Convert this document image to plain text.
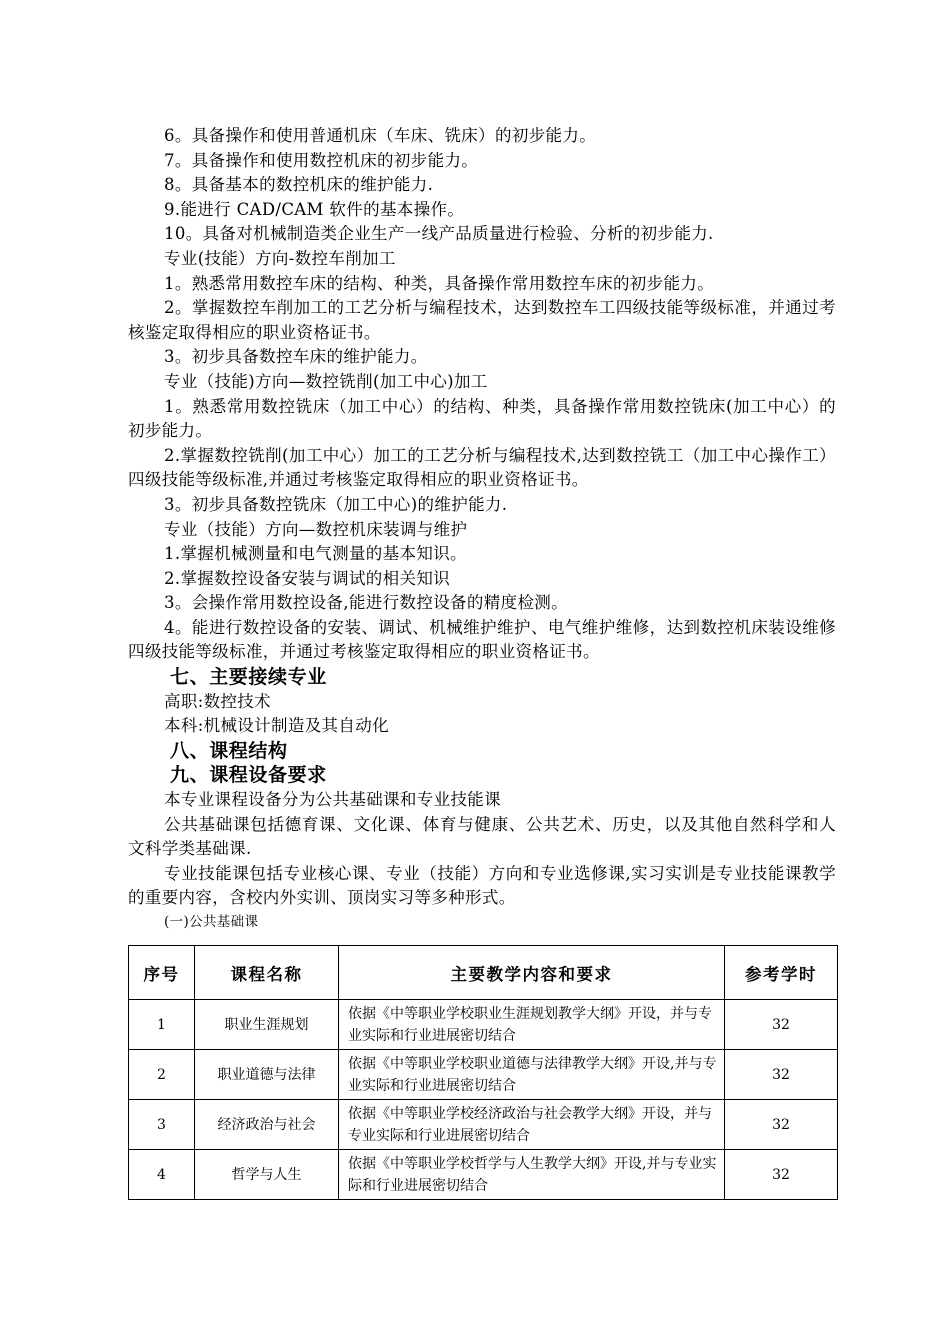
6。具备操作和使用普通机床（车床、铣床）的初步能力。

7。具备操作和使用数控机床的初步能力。

8。具备基本的数控机床的维护能力.

9.能进行 CAD/CAM 软件的基本操作。

10。具备对机械制造类企业生产一线产品质量进行检验、分析的初步能力.

专业(技能）方向-数控车削加工

1。熟悉常用数控车床的结构、种类，具备操作常用数控车床的初步能力。

2。掌握数控车削加工的工艺分析与编程技术，达到数控车工四级技能等级标准，并通过考核鉴定取得相应的职业资格证书。

3。初步具备数控车床的维护能力。

专业（技能)方向—数控铣削(加工中心)加工

1。熟悉常用数控铣床（加工中心）的结构、种类，具备操作常用数控铣床(加工中心）的初步能力。

2.掌握数控铣削(加工中心）加工的工艺分析与编程技术,达到数控铣工（加工中心操作工）四级技能等级标准,并通过考核鉴定取得相应的职业资格证书。

3。初步具备数控铣床（加工中心)的维护能力.

专业（技能）方向—数控机床装调与维护

1.掌握机械测量和电气测量的基本知识。

2.掌握数控设备安装与调试的相关知识

3。会操作常用数控设备,能进行数控设备的精度检测。

4。能进行数控设备的安装、调试、机械维护维护、电气维护维修，达到数控机床装设维修四级技能等级标准，并通过考核鉴定取得相应的职业资格证书。

七、主要接续专业

高职:数控技术

本科:机械设计制造及其自动化

八、课程结构

九、课程设备要求

本专业课程设备分为公共基础课和专业技能课

公共基础课包括德育课、文化课、体育与健康、公共艺术、历史，以及其他自然科学和人文科学类基础课.

专业技能课包括专业核心课、专业（技能）方向和专业选修课,实习实训是专业技能课教学的重要内容，含校内外实训、顶岗实习等多种形式。

(一)公共基础课

序号	课程名称	主要教学内容和要求	参考学时
1	职业生涯规划	依据《中等职业学校职业生涯规划教学大纲》开设，并与专业实际和行业进展密切结合	32
2	职业道德与法律	依据《中等职业学校职业道德与法律教学大纲》开设,并与专业实际和行业进展密切结合	32
3	经济政治与社会	依据《中等职业学校经济政治与社会教学大纲》开设，并与专业实际和行业进展密切结合	32
4	哲学与人生	依据《中等职业学校哲学与人生教学大纲》开设,并与专业实际和行业进展密切结合	32
